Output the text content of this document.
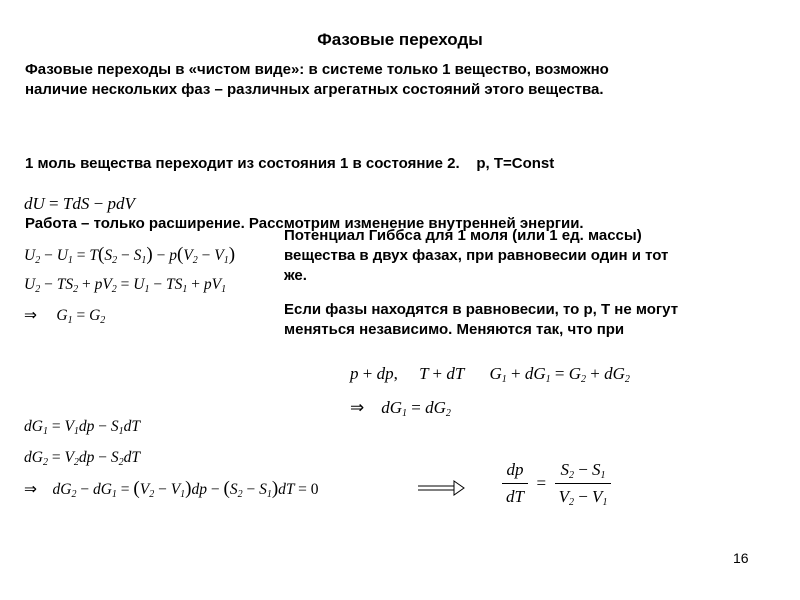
Фазовые переходы
Фазовые переходы в «чистом виде»: в системе только 1 вещество, возможно
наличие нескольких фаз – различных агрегатных состояний этого вещества.

1 моль вещества переходит из состояния 1 в состояние 2.    p, T=Const

Работа – только расширение. Рассмотрим изменение внутренней энергии.

dU = TdS − pdV
$U_2 - U_1 = T(S_2 - S_1) - p(V_2 - V_1)$
$U_2 - TS_2 + pV_2 = U_1 - TS_1 + pV_1$
⇒     $G_1 = G_2$
Потенциал Гиббса для 1 моля (или 1 ед. массы)
вещества в двух фазах, при равновесии один и тот
же.
Если фазы находятся в равновесии, то p, T не могут
меняться независимо. Меняются так, что при
p + dp,     T + dT      $G_1 + dG_1 = G_2 + dG_2$
⇒    $dG_1 = dG_2$
$dG_1 = V_1dp - S_1dT$
$dG_2 = V_2dp - S_2dT$
⇒    $dG_2 - dG_1 = (V_2 - V_1)dp - (S_2 - S_1)dT = 0$	$\frac{dp}{dT} = \frac{S_2 - S_1}{V_2 - V_1}$
16
